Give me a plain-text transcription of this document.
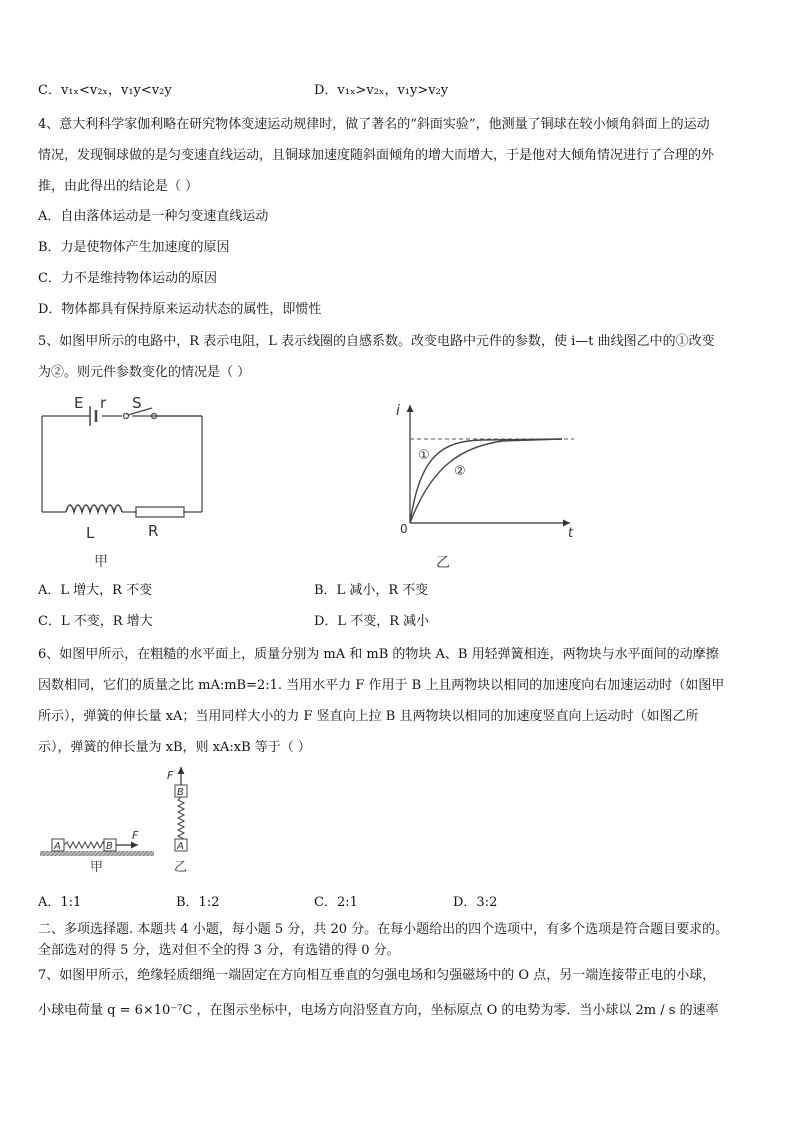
C．v₁ₓ<v₂ₓ，v₁y<v₂y	D．v₁ₓ>v₂ₓ，v₁y>v₂y
4、意大利科学家伽利略在研究物体变速运动规律时，做了著名的“斜面实验”，他测量了铜球在较小倾角斜面上的运动
情况，发现铜球做的是匀变速直线运动，且铜球加速度随斜面倾角的增大而增大，于是他对大倾角情况进行了合理的外
推，由此得出的结论是（ ）
A．自由落体运动是一种匀变速直线运动
B．力是使物体产生加速度的原因
C．力不是维持物体运动的原因
D．物体都具有保持原来运动状态的属性，即惯性
5、如图甲所示的电路中，R 表示电阻，L 表示线圈的自感系数。改变电路中元件的参数，使 i—t 曲线图乙中的①改变
为②。则元件参数变化的情况是（ ）
E r S
L	R
甲
i
t
0
①
②
乙
A．L 增大，R 不变	B．L 减小，R 不变
C．L 不变，R 增大	D．L 不变，R 减小
6、如图甲所示，在粗糙的水平面上，质量分别为 mA 和 mB 的物块 A、B 用轻弹簧相连，两物块与水平面间的动摩擦
因数相同，它们的质量之比 mA:mB=2:1. 当用水平力 F 作用于 B 上且两物块以相同的加速度向右加速运动时（如图甲
所示），弹簧的伸长量 xA；当用同样大小的力 F 竖直向上拉 B 且两物块以相同的加速度竖直向上运动时（如图乙所
示），弹簧的伸长量为 xB，则 xA:xB 等于（ ）
A	B
F
甲
F
B
A
乙
A．1:1	B．1:2	C．2:1	D．3:2
二、多项选择题. 本题共 4 小题，每小题 5 分，共 20 分。在每小题给出的四个选项中，有多个选项是符合题目要求的。
全部选对的得 5 分，选对但不全的得 3 分，有选错的得 0 分。
7、如图甲所示，绝缘轻质细绳一端固定在方向相互垂直的匀强电场和匀强磁场中的 O 点，另一端连接带正电的小球，
小球电荷量 q = 6×10⁻⁷C ，在图示坐标中，电场方向沿竖直方向，坐标原点 O 的电势为零．当小球以 2m / s 的速率
